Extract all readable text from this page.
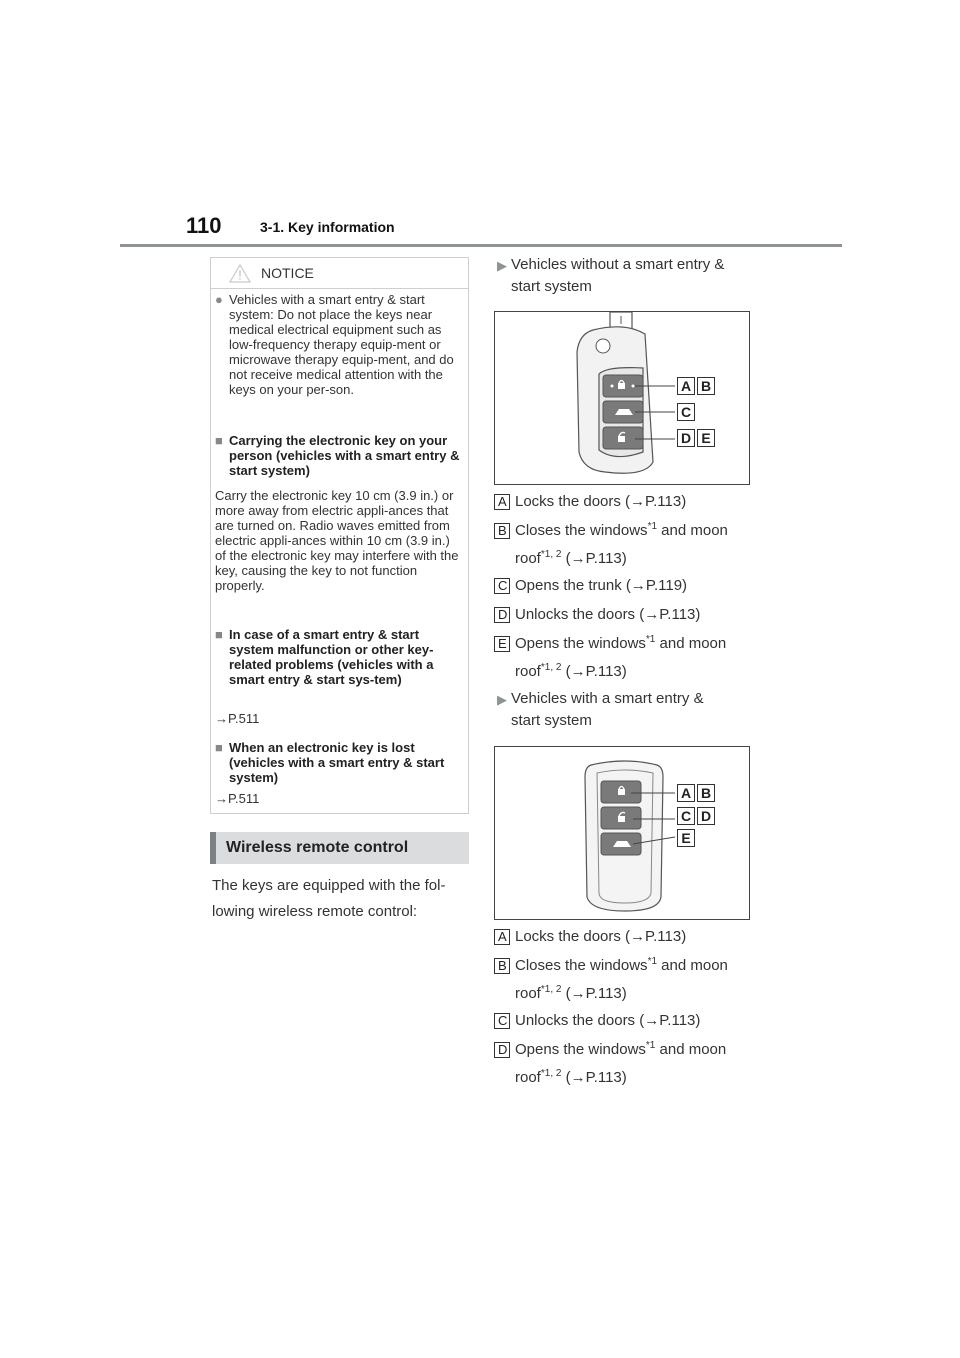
110	3-1. Key information
NOTICE
● Vehicles with a smart entry & start system: Do not place the keys near medical electrical equipment such as low-frequency therapy equip-ment or microwave therapy equip-ment, and do not receive medical attention with the keys on your per-son.
■ Carrying the electronic key on your person (vehicles with a smart entry & start system)
Carry the electronic key 10 cm (3.9 in.) or more away from electric appli-ances that are turned on. Radio waves emitted from electric appli-ances within 10 cm (3.9 in.) of the electronic key may interfere with the key, causing the key to not function properly.
■ In case of a smart entry & start system malfunction or other key-related problems (vehicles with a smart entry & start sys-tem)
→P.511
■ When an electronic key is lost (vehicles with a smart entry & start system)
→P.511
Wireless remote control
The keys are equipped with the fol-lowing wireless remote control:
▶ Vehicles without a smart entry &
start system
A B
C
D E
A Locks the doors (→P.113)
B Closes the windows$^{*1}$ and moon
roof$^{*1, 2}$ (→P.113)
C Opens the trunk (→P.119)
D Unlocks the doors (→P.113)
E Opens the windows$^{*1}$ and moon
roof$^{*1, 2}$ (→P.113)
▶ Vehicles with a smart entry &
start system
A B
C D
E
A Locks the doors (→P.113)
B Closes the windows$^{*1}$ and moon
roof$^{*1, 2}$ (→P.113)
C Unlocks the doors (→P.113)
D Opens the windows$^{*1}$ and moon
roof$^{*1, 2}$ (→P.113)
